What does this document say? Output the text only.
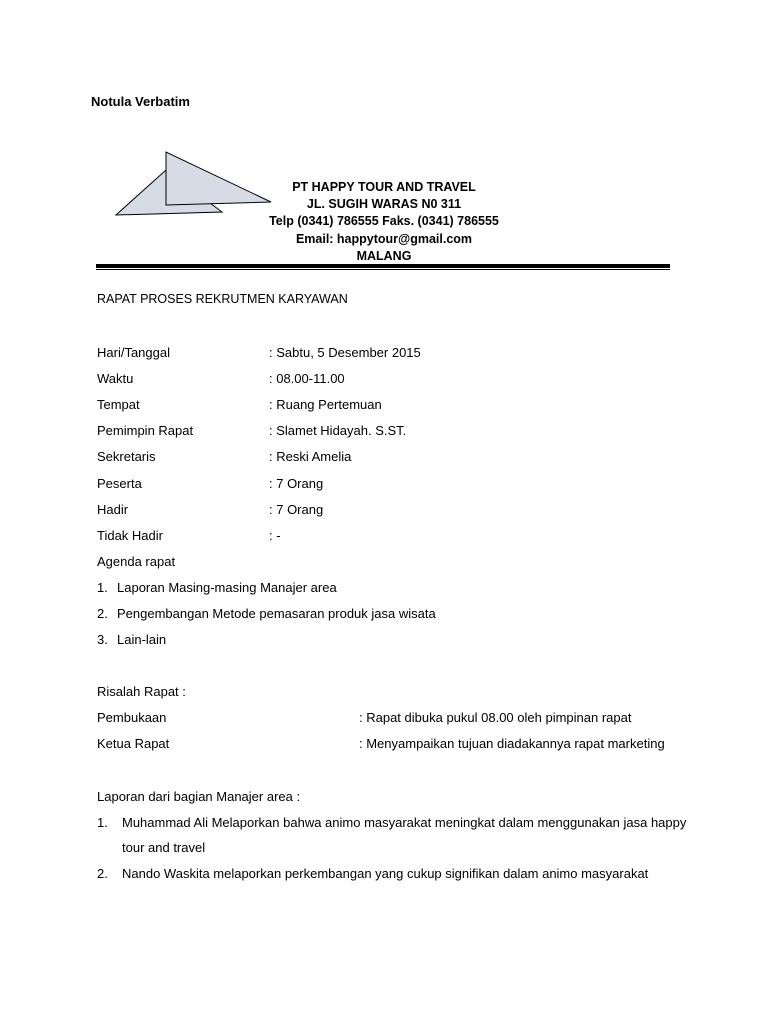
Notula Verbatim
PT HAPPY TOUR AND TRAVEL
JL. SUGIH WARAS N0 311
Telp (0341) 786555 Faks. (0341) 786555
Email: happytour@gmail.com
MALANG
RAPAT PROSES REKRUTMEN KARYAWAN
Hari/Tanggal	: Sabtu, 5 Desember 2015
Waktu	: 08.00-11.00
Tempat	: Ruang Pertemuan
Pemimpin Rapat	: Slamet Hidayah. S.ST.
Sekretaris	: Reski Amelia
Peserta	: 7 Orang
Hadir	: 7 Orang
Tidak Hadir	: -
Agenda rapat
1. Laporan Masing-masing Manajer area
2. Pengembangan Metode pemasaran produk jasa wisata
3. Lain-lain
Risalah Rapat :
Pembukaan	: Rapat dibuka pukul 08.00 oleh pimpinan rapat
Ketua Rapat	: Menyampaikan tujuan diadakannya rapat marketing
Laporan dari bagian Manajer area :
1. Muhammad Ali Melaporkan bahwa animo masyarakat meningkat dalam menggunakan jasa happy
tour and travel
2. Nando Waskita melaporkan perkembangan yang cukup signifikan dalam animo masyarakat
